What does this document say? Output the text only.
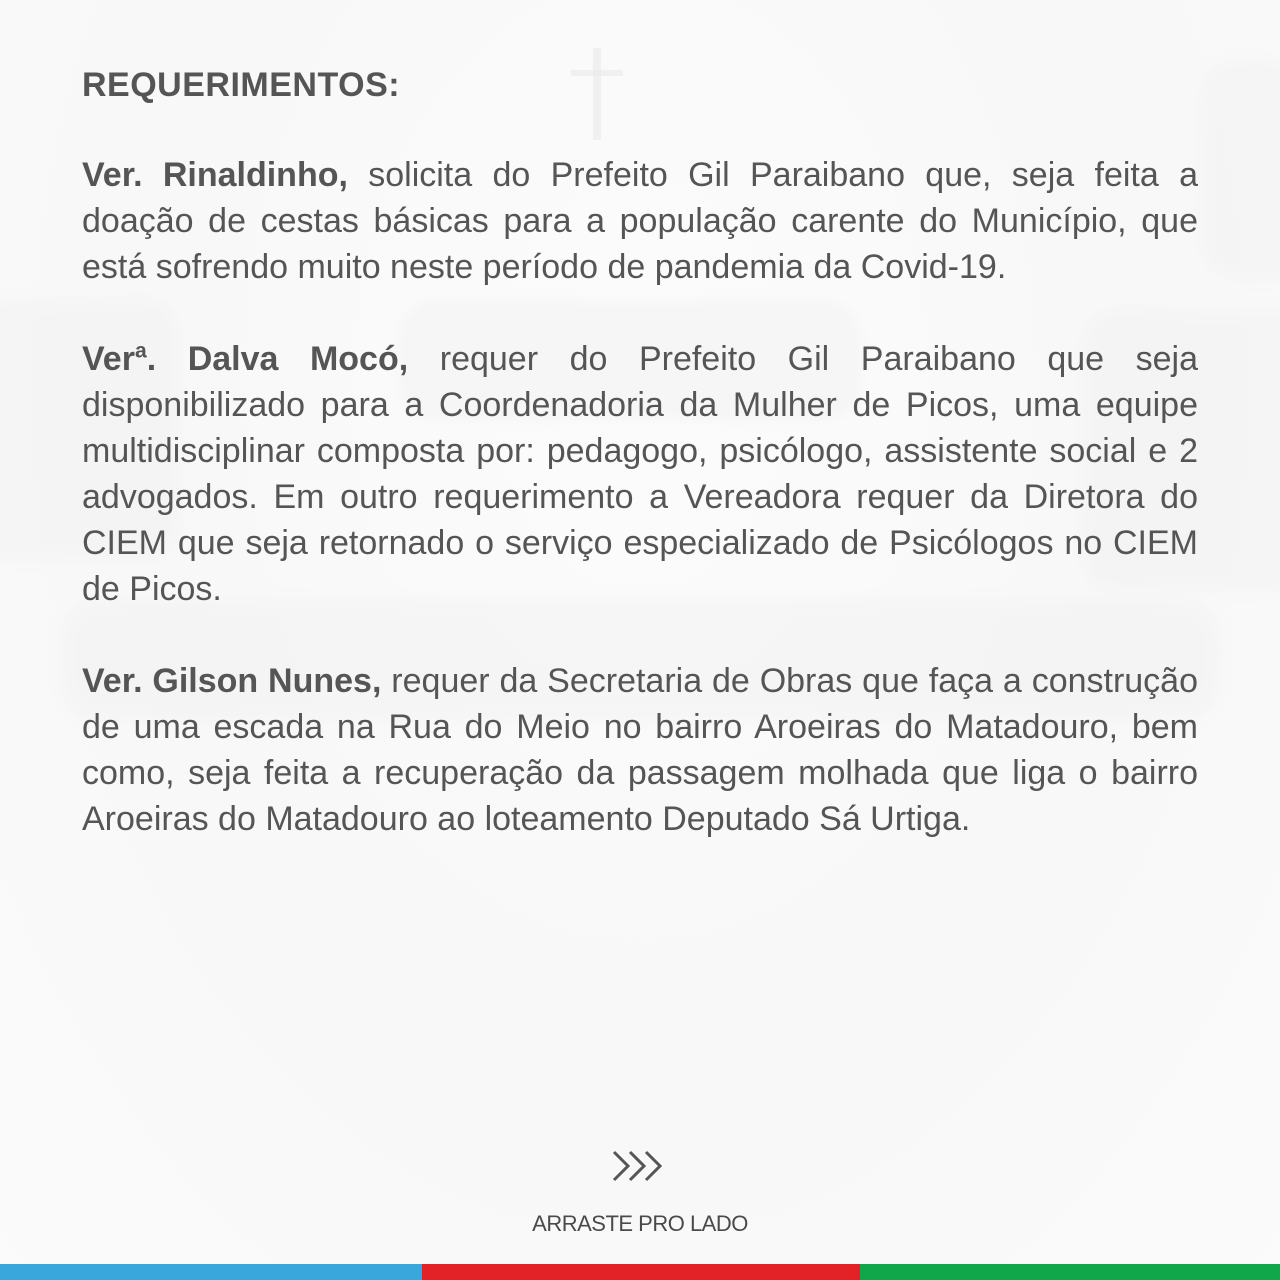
REQUERIMENTOS:

Ver. Rinaldinho, solicita do Prefeito Gil Paraibano que, seja feita a doação de cestas básicas para a população carente do Município, que está sofrendo muito neste período de pandemia da Covid-19.

Ver$^a$. Dalva Mocó, requer do Prefeito Gil Paraibano que seja disponibilizado para a Coordenadoria da Mulher de Picos, uma equipe multidisciplinar composta por: pedagogo, psicólogo, assistente social e 2 advogados. Em outro requerimento a Vereadora requer da Diretora do CIEM que seja retornado o serviço especializado de Psicólogos no CIEM de Picos.

Ver. Gilson Nunes, requer da Secretaria de Obras que faça a construção de uma escada na Rua do Meio no bairro Aroeiras do Matadouro, bem como, seja feita a recuperação da passagem molhada que liga o bairro Aroeiras do Matadouro ao loteamento Deputado Sá Urtiga.

ARRASTE PRO LADO
